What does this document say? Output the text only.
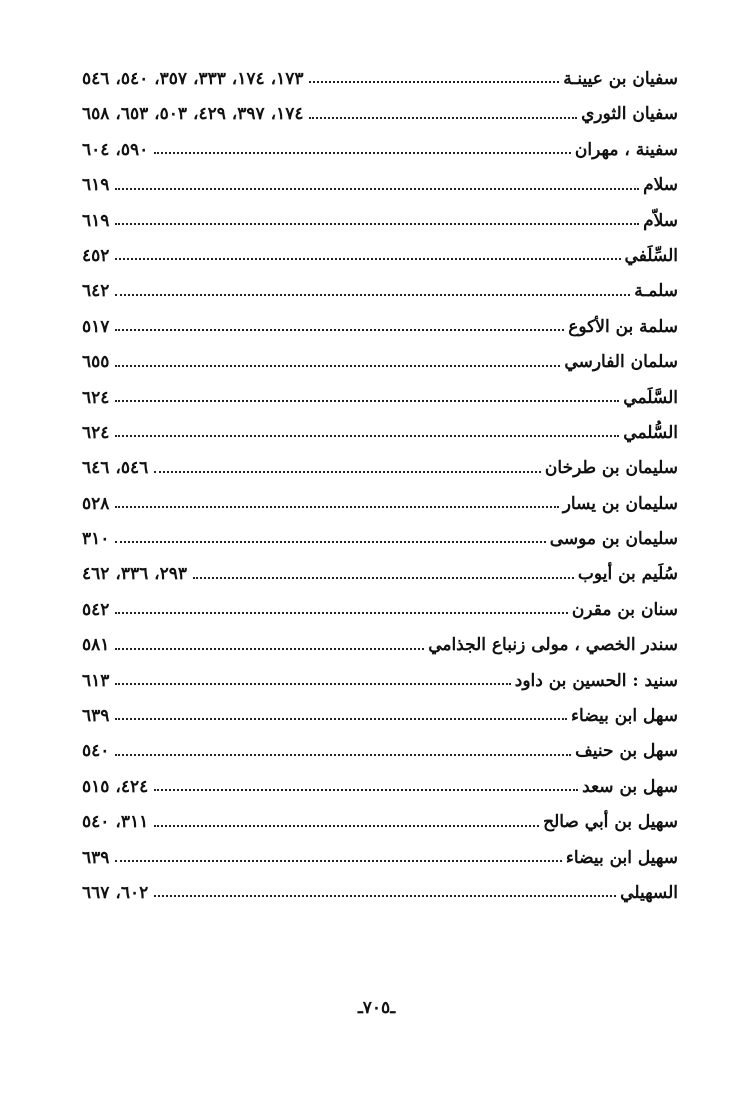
سفيان بن عيينـة
١٧٣، ١٧٤، ٣٣٣، ٣٥٧، ٥٤٠، ٥٤٦
سفيان الثوري
١٧٤، ٣٩٧، ٤٢٩، ٥٠٣، ٦٥٣، ٦٥٨
سفينة ، مهران
٥٩٠، ٦٠٤
سلام
٦١٩
سلاّم
٦١٩
السِّلَفي
٤٥٢
سلمـة
٦٤٢
سلمة بن الأكوع
٥١٧
سلمان الفارسي
٦٥٥
السَّلَمي
٦٢٤
السُّلمي
٦٢٤
سليمان بن طرخان
٥٤٦، ٦٤٦
سليمان بن يسار
٥٢٨
سليمان بن موسى
٣١٠
سُلَيم بن أيوب
٢٩٣، ٣٣٦، ٤٦٢
سنان بن مقرن
٥٤٢
سندر الخصي ، مولى زنباع الجذامي
٥٨١
سنيد : الحسين بن داود
٦١٣
سهل ابن بيضاء
٦٣٩
سهل بن حنيف
٥٤٠
سهل بن سعد
٤٢٤، ٥١٥
سهيل بن أبي صالح
٣١١، ٥٤٠
سهيل ابن بيضاء
٦٣٩
السهيلي
٦٠٢، ٦٦٧
ـ٧٠٥ـ
